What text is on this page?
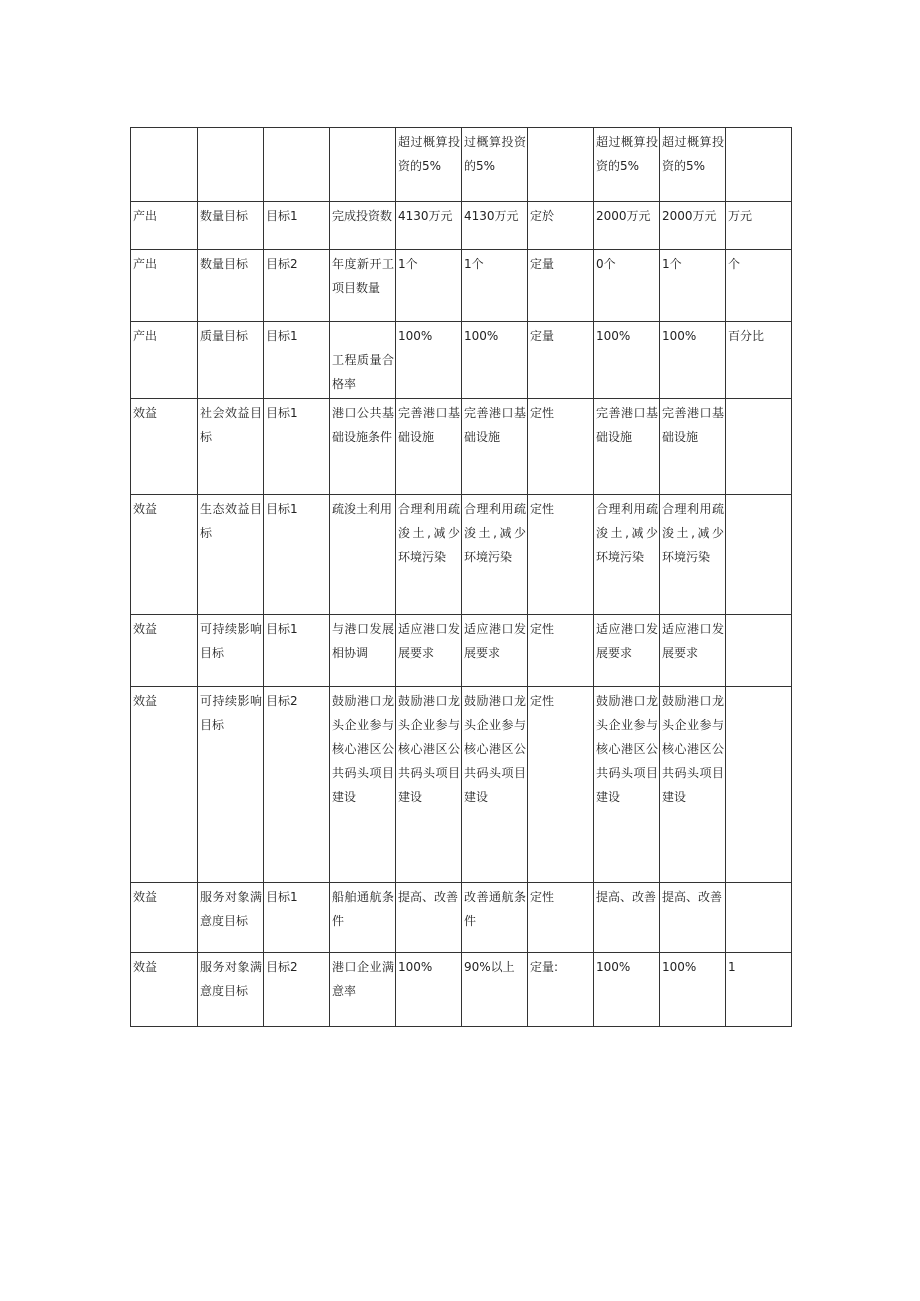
				超过概算投资的5%	过概算投资的5%		超过概算投资的5%	超过概算投资的5%	
产出	数量目标	目标1	完成投资数	4130万元	4130万元	定於	2000万元	2000万元	万元
产出	数量目标	目标2	年度新开工项目数量	1个	1个	定量	0个	1个	个
产出	质量目标	目标1	工程质量合格率	100%	100%	定量	100%	100%	百分比
效益	社会效益目标	目标1	港口公共基础设施条件	完善港口基础设施	完善港口基础设施	定性	完善港口基础设施	完善港口基础设施	
效益	生态效益目标	目标1	疏浚土利用	合理利用疏浚土,减少环境污染	合理利用疏浚土,减少环境污染	定性	合理利用疏浚土,减少环境污染	合理利用疏浚土,减少环境污染	
效益	可持续影响目标	目标1	与港口发展相协调	适应港口发展要求	适应港口发展要求	定性	适应港口发展要求	适应港口发展要求	
效益	可持续影响目标	目标2	鼓励港口龙头企业参与核心港区公共码头项目建设	鼓励港口龙头企业参与核心港区公共码头项目建设	鼓励港口龙头企业参与核心港区公共码头项目建设	定性	鼓励港口龙头企业参与核心港区公共码头项目建设	鼓励港口龙头企业参与核心港区公共码头项目建设	
效益	服务对象满意度目标	目标1	船舶通航条件	提高、改善	改善通航条件	定性	提高、改善	提高、改善	
效益	服务对象满意度目标	目标2	港口企业满意率	100%	90%以上	定量:	100%	100%	1
